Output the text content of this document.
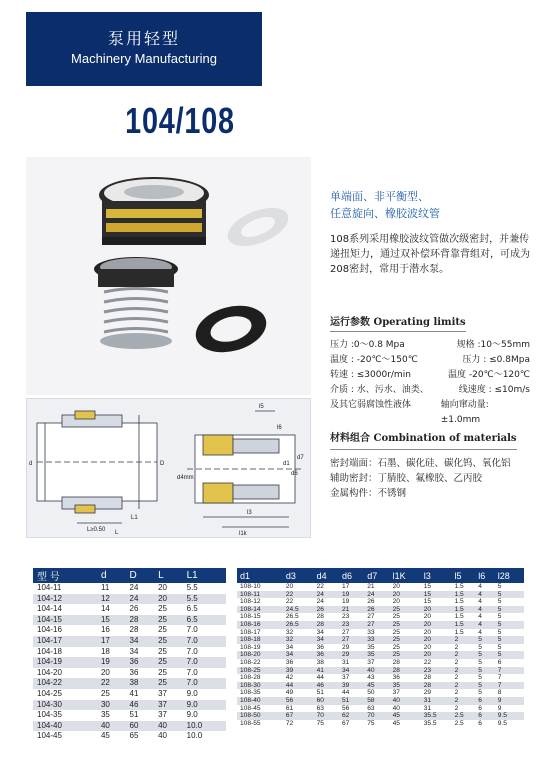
泵用轻型
Machinery Manufacturing
104/108
d	D
L
L1
L≥0.50
l5
l6
d4mm
d1
d6
d7
l3
l1k
单端面、非平衡型、
任意旋向、橡胶波纹管
108系列采用橡胶波纹管做次级密封，并兼传递扭矩力，通过双补偿环背靠背组对，可成为208密封，常用于潜水泵。
运行参数 Operating limits
压力 :0～0.8 Mpa	规格 :10～55mm
温度 : -20℃～150℃	压力 : ≤0.8Mpa
转速 : ≤3000r/min	温度 -20℃～120℃
介质 : 水、污水、油类、	线速度 : ≤10m/s
及其它弱腐蚀性液体	轴向窜动量: ±1.0mm
材料组合 Combination of materials
密封端面：石墨、碳化硅、碳化钨、氧化铝
辅助密封：丁腈胶、氟橡胶、乙丙胶
金属构件：不锈钢
型 号	d	D	L	L1
104-11	11	24	20	5.5
104-12	12	24	20	5.5
104-14	14	26	25	6.5
104-15	15	28	25	6.5
104-16	16	28	25	7.0
104-17	17	34	25	7.0
104-18	18	34	25	7.0
104-19	19	36	25	7.0
104-20	20	36	25	7.0
104-22	22	38	25	7.0
104-25	25	41	37	9.0
104-30	30	46	37	9.0
104-35	35	51	37	9.0
104-40	40	60	40	10.0
104-45	45	65	40	10.0
d1	d3	d4	d6	d7	l1K	l3	l5	l6	l28
108-10	20	22	17	21	20	15	1.5	4	5
108-11	22	24	19	24	20	15	1.5	4	5
108-12	22	24	19	26	20	15	1.5	4	5
108-14	24.5	26	21	26	25	20	1.5	4	5
108-15	26.5	28	23	27	25	20	1.5	4	5
108-16	26.5	28	23	27	25	20	1.5	4	5
108-17	32	34	27	33	25	20	1.5	4	5
108-18	32	34	27	33	25	20	2	5	5
108-19	34	36	29	35	25	20	2	5	5
108-20	34	36	29	35	25	20	2	5	5
108-22	36	38	31	37	28	22	2	5	6
108-25	39	41	34	40	28	23	2	5	7
108-28	42	44	37	43	36	28	2	5	7
108-30	44	46	39	45	35	28	2	5	7
108-35	49	51	44	50	37	29	2	5	8
108-40	56	60	51	58	40	31	2	6	9
108-45	61	63	56	63	40	31	2	6	9
108-50	67	70	62	70	45	35.5	2.5	6	9.5
108-55	72	75	67	75	45	35.5	2.5	6	9.5
